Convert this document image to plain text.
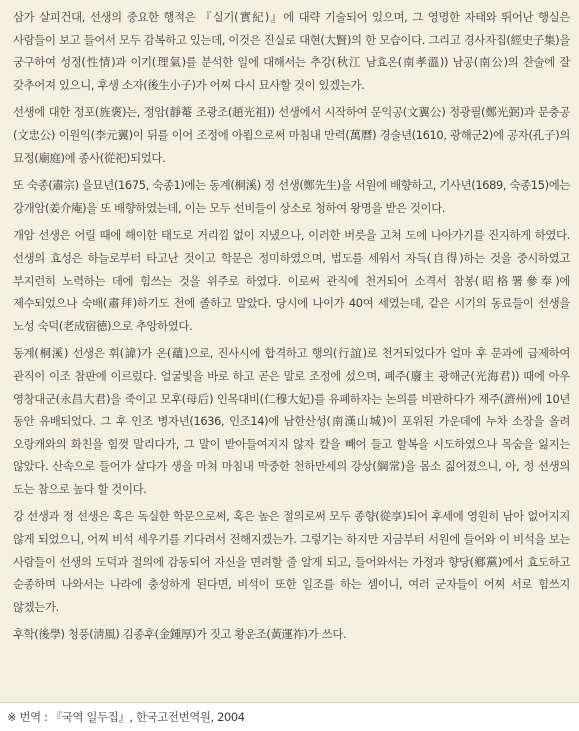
삼가 살피건대, 선생의 중요한 행적은 『실기(實紀)』에 대략 기술되어 있으며, 그 영명한 자태와 뛰어난 행실은 사람들이 보고 들어서 모두 감복하고 있는데, 이것은 진실로 대현(大賢)의 한 모습이다. 그리고 경사자집(經史子集)을 궁구하여 성정(性情)과 이기(理氣)를 분석한 일에 대해서는 추강(秋江 남효온(南孝溫)) 남공(南公)의 찬술에 잘 갖추어져 있으니, 후생 소자(後生小子)가 어찌 다시 묘사할 것이 있겠는가.

선생에 대한 정포(旌褒)는, 정암(靜菴 조광조(趙光祖)) 선생에서 시작하여 문익공(文翼公) 정광필(鄭光弼)과 문충공(文忠公) 이원익(李元翼)이 뒤를 이어 조정에 아룀으로써 마침내 만력(萬曆) 경술년(1610, 광해군2)에 공자(孔子)의 묘정(廟庭)에 종사(從祀)되었다.

또 숙종(肅宗) 을묘년(1675, 숙종1)에는 동계(桐溪) 정 선생(鄭先生)을 서원에 배향하고, 기사년(1689, 숙종15)에는 강개암(姜介庵)을 또 배향하였는데, 이는 모두 선비들이 상소로 청하여 왕명을 받은 것이다.

개암 선생은 어릴 때에 해이한 태도로 거리낌 없이 지냈으나, 이러한 버릇을 고쳐 도에 나아가기를 진지하게 하였다. 선생의 효성은 하늘로부터 타고난 것이고 학문은 정미하였으며, 법도를 세워서 자득(自得)하는 것을 중시하였고 부지런히 노력하는 데에 힘쓰는 것을 위주로 하였다. 이로써 관직에 천거되어 소격서 참봉(昭格署參奉)에 제수되었으나 숙배(肅拜)하기도 전에 졸하고 말았다. 당시에 나이가 40여 세였는데, 같은 시기의 동료들이 선생을 노성 숙덕(老成宿德)으로 추앙하였다.

동계(桐溪) 선생은 휘(諱)가 온(蘊)으로, 진사시에 합격하고 행의(行誼)로 천거되었다가 얼마 후 문과에 급제하여 관직이 이조 참판에 이르렀다. 얼굴빛을 바로 하고 곧은 말로 조정에 섰으며, 폐주(廢主 광해군(光海君)) 때에 아우 영창대군(永昌大君)을 죽이고 모후(母后) 인목대비(仁穆大妃)를 유폐하자는 논의를 비판하다가 제주(濟州)에 10년 동안 유배되었다. 그 후 인조 병자년(1636, 인조14)에 남한산성(南漢山城)이 포위된 가운데에 누차 소장을 올려 오랑캐와의 화친을 힘껏 말리다가, 그 말이 받아들여지지 않자 칼을 빼어 들고 할복을 시도하였으나 목숨을 잃지는 않았다. 산속으로 들어가 살다가 생을 마쳐 마침내 막중한 천하만세의 강상(綱常)을 몸소 짊어졌으니, 아, 정 선생의 도는 참으로 높다 할 것이다.

강 선생과 정 선생은 혹은 독실한 학문으로써, 혹은 높은 절의로써 모두 종향(從享)되어 후세에 영원히 남아 없어지지 않게 되었으니, 어찌 비석 세우기를 기다려서 전해지겠는가. 그렇기는 하지만 지금부터 서원에 들어와 이 비석을 보는 사람들이 선생의 도덕과 절의에 감동되어 자신을 면려할 줄 알게 되고, 들어와서는 가정과 향당(鄕黨)에서 효도하고 순종하며 나와서는 나라에 충성하게 된다면, 비석이 또한 일조를 하는 셈이니, 여러 군자들이 어찌 서로 힘쓰지 않겠는가.

후학(後學) 청풍(淸風) 김종후(金鍾厚)가 짓고 황운조(黃運祚)가 쓰다.

※ 번역 : 『국역 일두집』, 한국고전번역원, 2004
